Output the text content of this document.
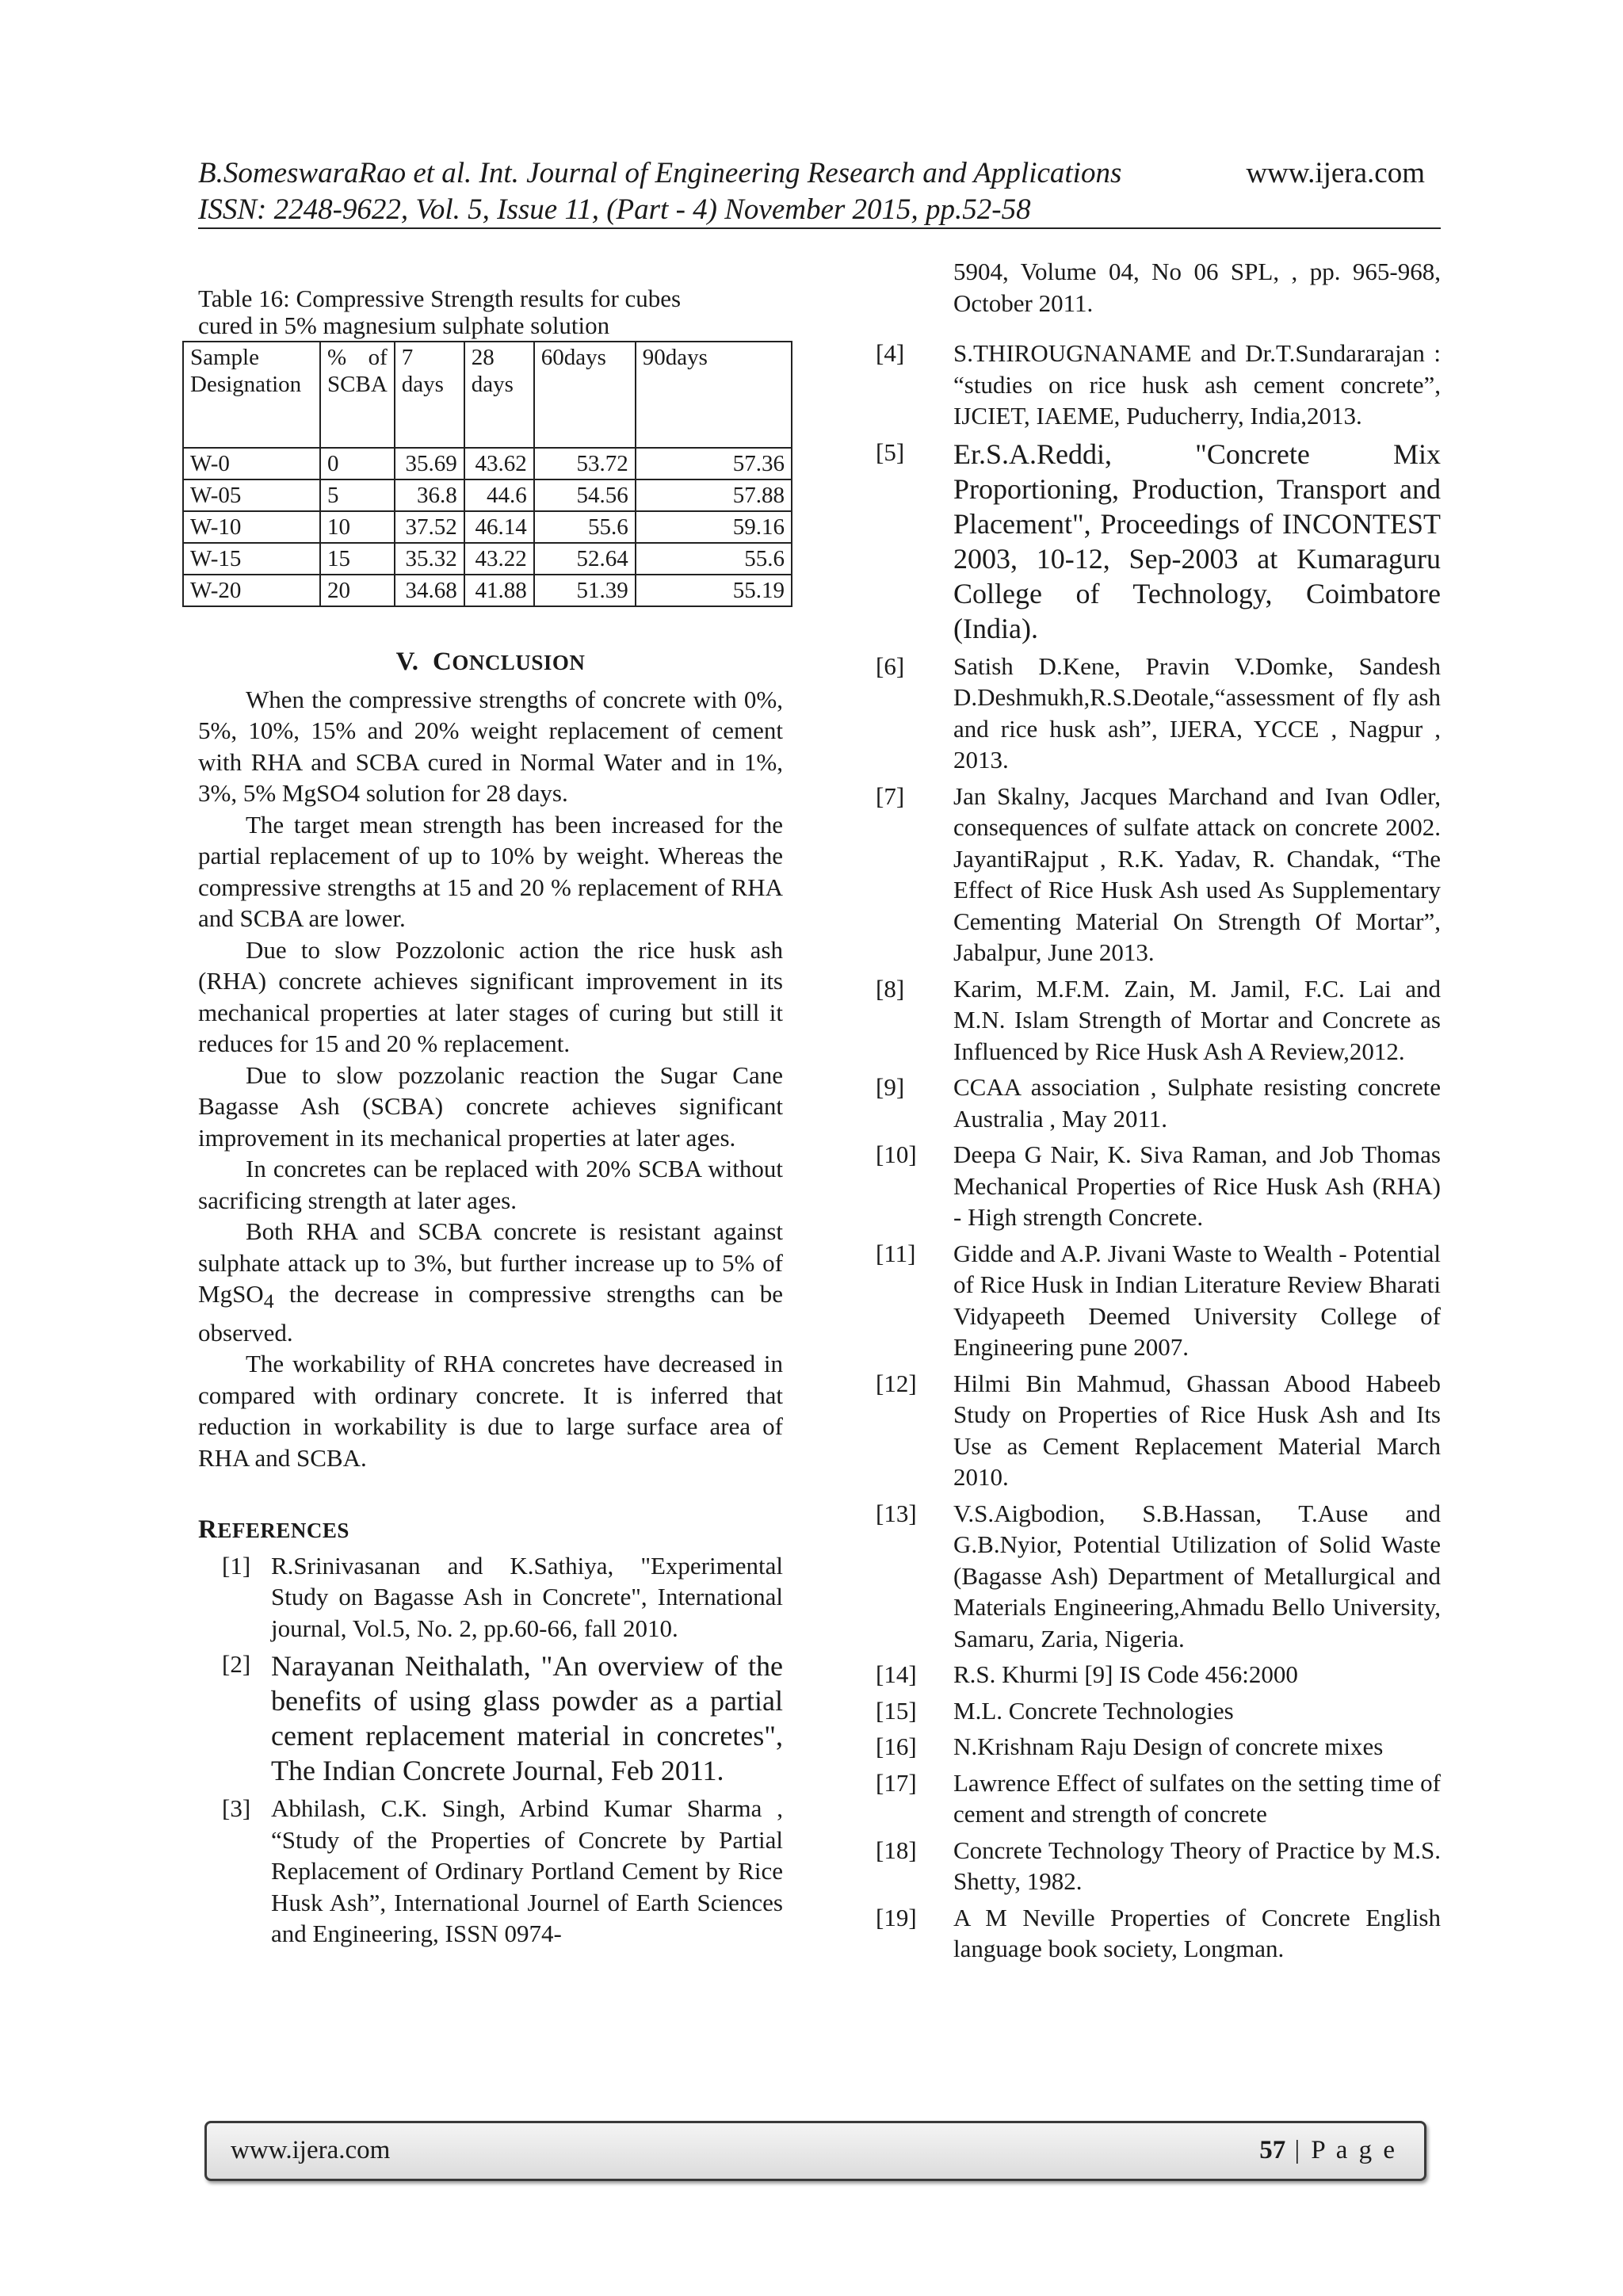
B.SomeswaraRao et al. Int. Journal of Engineering Research and Applications
ISSN: 2248-9622, Vol. 5, Issue 11, (Part - 4) November 2015, pp.52-58
www.ijera.com
Table 16: Compressive Strength results for cubes
cured in 5% magnesium sulphate solution
Sample Designation	% of SCBA	7 days	28 days	60days	90days
W-0	0	35.69	43.62	53.72	57.36
W-05	5	36.8	44.6	54.56	57.88
W-10	10	37.52	46.14	55.6	59.16
W-15	15	35.32	43.22	52.64	55.6
W-20	20	34.68	41.88	51.39	55.19
V. CONCLUSION

When the compressive strengths of concrete with 0%, 5%, 10%, 15% and 20% weight replacement of cement with RHA and SCBA cured in Normal Water and in 1%, 3%, 5% MgSO4 solution for 28 days.

The target mean strength has been increased for the partial replacement of up to 10% by weight. Whereas the compressive strengths at 15 and 20 % replacement of RHA and SCBA are lower.

Due to slow Pozzolonic action the rice husk ash (RHA) concrete achieves significant improvement in its mechanical properties at later stages of curing but still it reduces for 15 and 20 % replacement.

Due to slow pozzolanic reaction the Sugar Cane Bagasse Ash (SCBA) concrete achieves significant improvement in its mechanical properties at later ages.

In concretes can be replaced with 20% SCBA without sacrificing strength at later ages.

Both RHA and SCBA concrete is resistant against sulphate attack up to 3%, but further increase up to 5% of MgSO$_4$ the decrease in compressive strengths can be observed.

The workability of RHA concretes have decreased in compared with ordinary concrete. It is inferred that reduction in workability is due to large surface area of RHA and SCBA.

REFERENCES
[1] R.Srinivasanan and K.Sathiya, "Experimental Study on Bagasse Ash in Concrete", International journal, Vol.5, No. 2, pp.60-66, fall 2010.
[2] Narayanan Neithalath, "An overview of the benefits of using glass powder as a partial cement replacement material in concretes", The Indian Concrete Journal, Feb 2011.
[3] Abhilash, C.K. Singh, Arbind Kumar Sharma , “Study of the Properties of Concrete by Partial Replacement of Ordinary Portland Cement by Rice Husk Ash”, International Journel of Earth Sciences and Engineering, ISSN 0974-
5904, Volume 04, No 06 SPL, , pp. 965-968, October 2011.
[4]	S.THIROUGNANAME and Dr.T.Sundararajan : “studies on rice husk ash cement concrete”, IJCIET, IAEME, Puducherry, India,2013.
[5]	Er.S.A.Reddi, "Concrete Mix Proportioning, Production, Transport and Placement", Proceedings of INCONTEST 2003, 10-12, Sep-2003 at Kumaraguru College of Technology, Coimbatore (India).
[6]	Satish D.Kene, Pravin V.Domke, Sandesh D.Deshmukh,R.S.Deotale,“assessment of fly ash and rice husk ash”, IJERA, YCCE , Nagpur , 2013.
[7]	Jan Skalny, Jacques Marchand and Ivan Odler, consequences of sulfate attack on concrete 2002. JayantiRajput , R.K. Yadav, R. Chandak, “The Effect of Rice Husk Ash used As Supplementary Cementing Material On Strength Of Mortar”, Jabalpur, June 2013.
[8]	Karim, M.F.M. Zain, M. Jamil, F.C. Lai and M.N. Islam Strength of Mortar and Concrete as Influenced by Rice Husk Ash A Review,2012.
[9]	CCAA association , Sulphate resisting concrete Australia , May 2011.
[10]	Deepa G Nair, K. Siva Raman, and Job Thomas Mechanical Properties of Rice Husk Ash (RHA) - High strength Concrete.
[11]	Gidde and A.P. Jivani Waste to Wealth - Potential of Rice Husk in Indian Literature Review Bharati Vidyapeeth Deemed University College of Engineering pune 2007.
[12]	Hilmi Bin Mahmud, Ghassan Abood Habeeb Study on Properties of Rice Husk Ash and Its Use as Cement Replacement Material March 2010.
[13]	V.S.Aigbodion, S.B.Hassan, T.Ause and G.B.Nyior, Potential Utilization of Solid Waste (Bagasse Ash) Department of Metallurgical and Materials Engineering,Ahmadu Bello University, Samaru, Zaria, Nigeria.
[14]	R.S. Khurmi [9] IS Code 456:2000
[15]	M.L. Concrete Technologies
[16]	N.Krishnam Raju Design of concrete mixes
[17]	Lawrence Effect of sulfates on the setting time of cement and strength of concrete
[18]	Concrete Technology Theory of Practice by M.S. Shetty, 1982.
[19]	A M Neville Properties of Concrete English language book society, Longman.
www.ijera.com	57 | P a g e
